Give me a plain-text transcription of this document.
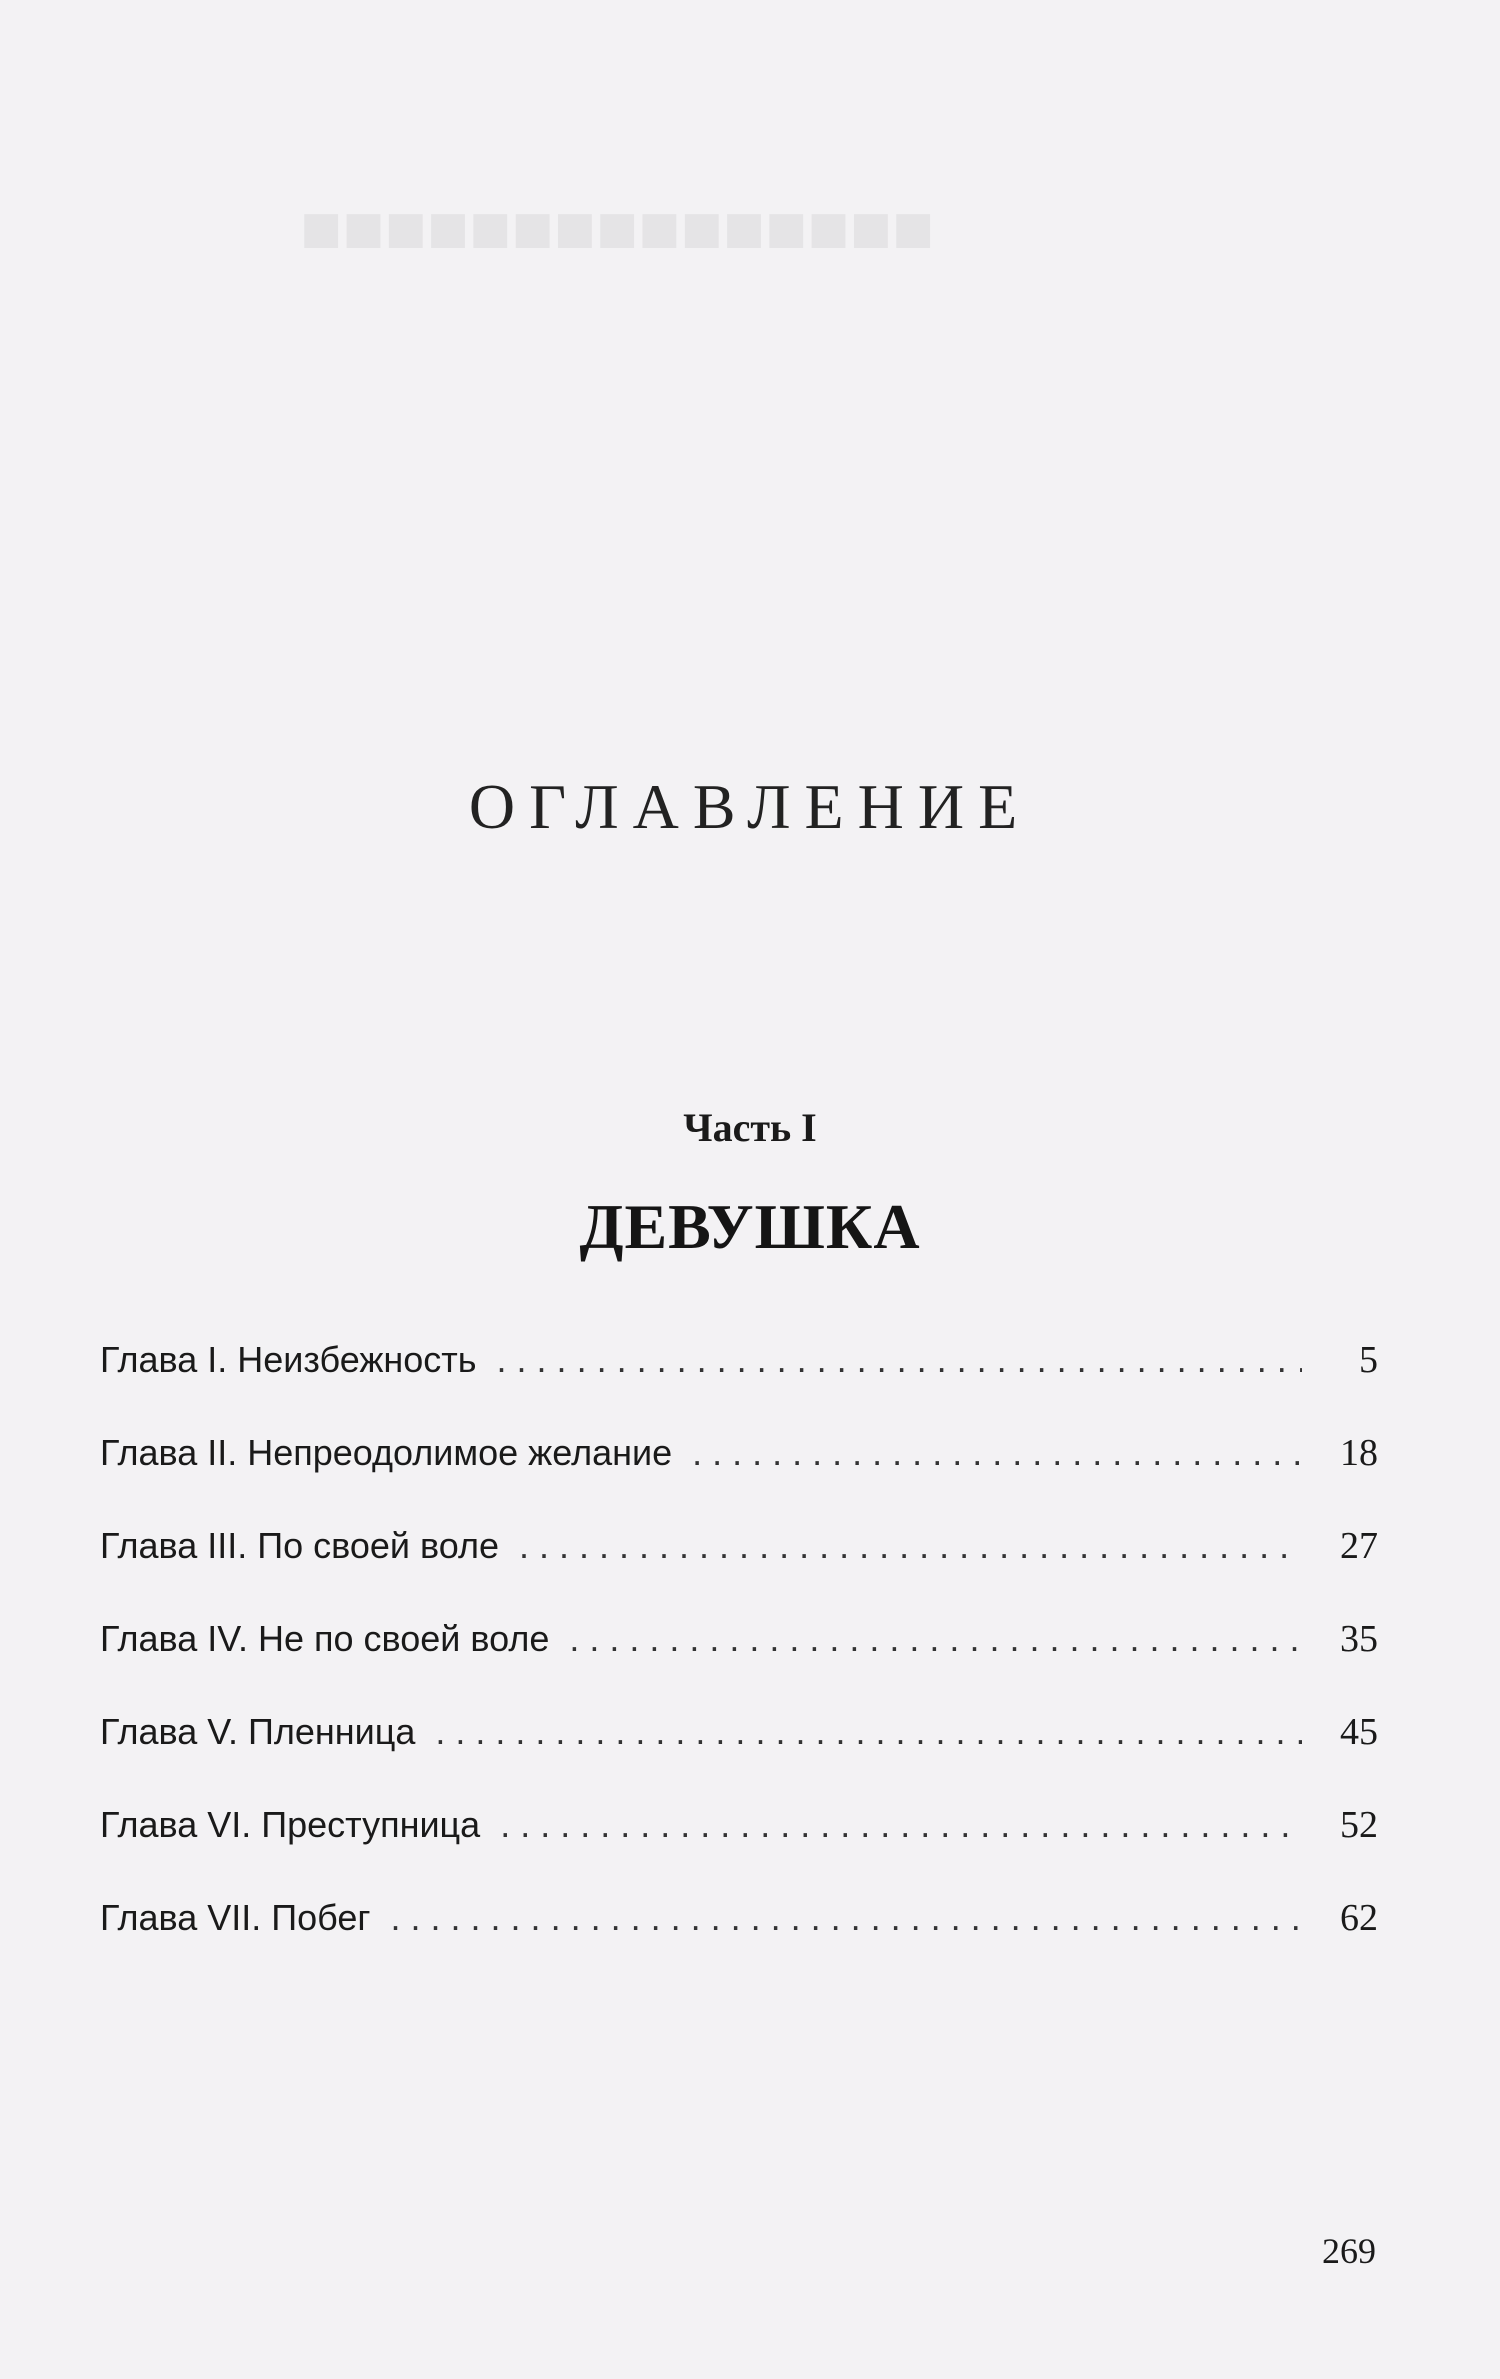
■■■■■■■■■■■■■■■
ОГЛАВЛЕНИЕ
Часть I
ДЕВУШКА
Глава I. Неизбежность . . .	5
Глава II. Непреодолимое желание . . .	18
Глава III. По своей воле . . .	27
Глава IV. Не по своей воле . . .	35
Глава V. Пленница . . .	45
Глава VI. Преступница . . .	52
Глава VII. Побег . . .	62
269
